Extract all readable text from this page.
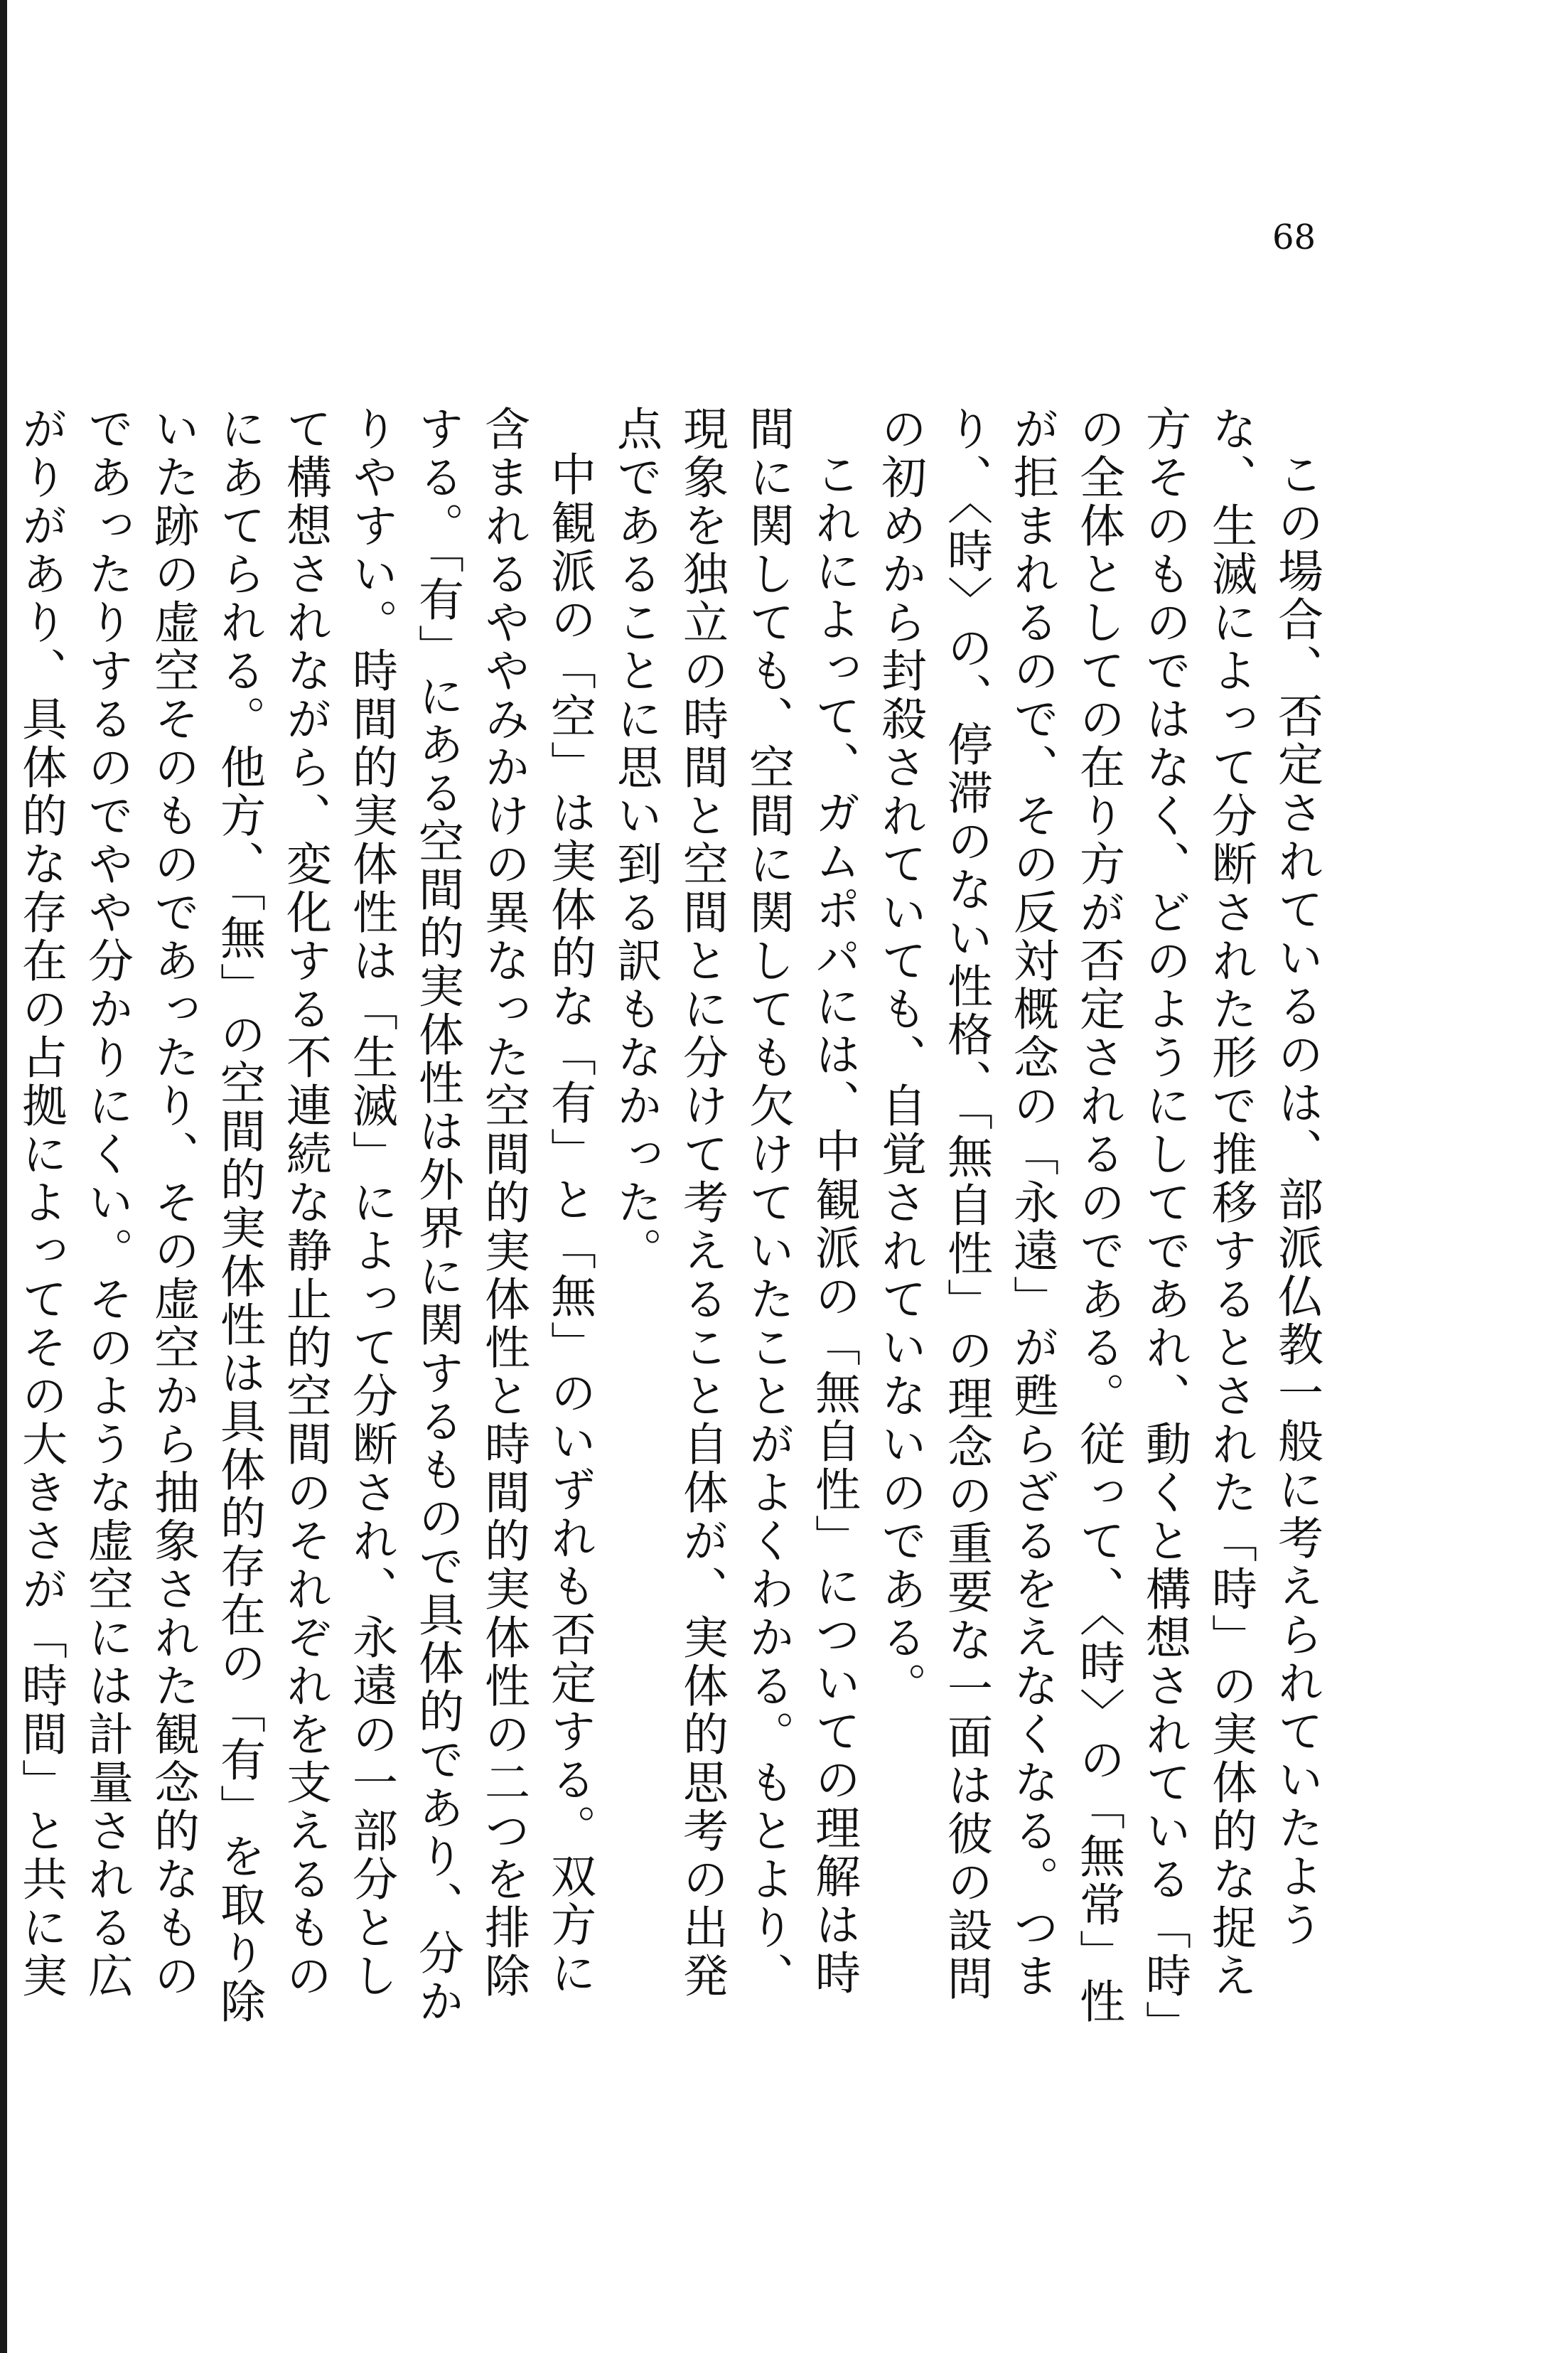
68

この場合、否定されているのは、部派仏教一般に考えられていたような、生滅によって分断された形で推移するとされた「時」の実体的な捉え方そのものではなく、どのようにしてであれ、動くと構想されている「時」の全体としての在り方が否定されるのである。従って、〈時〉の「無常」性が拒まれるので、その反対概念の「永遠」が甦らざるをえなくなる。つまり、〈時〉の、停滞のない性格、「無自性」の理念の重要な一面は彼の設問の初めから封殺されていても、自覚されていないのである。

これによって、ガムポパには、中観派の「無自性」についての理解は時間に関しても、空間に関しても欠けていたことがよくわかる。もとより、現象を独立の時間と空間とに分けて考えること自体が、実体的思考の出発点であることに思い到る訳もなかった。

中観派の「空」は実体的な「有」と「無」のいずれも否定する。双方に含まれるややみかけの異なった空間的実体性と時間的実体性の二つを排除する。「有」にある空間的実体性は外界に関するもので具体的であり、分かりやすい。時間的実体性は「生滅」によって分断され、永遠の一部分として構想されながら、変化する不連続な静止的空間のそれぞれを支えるものにあてられる。他方、「無」の空間的実体性は具体的存在の「有」を取り除いた跡の虚空そのものであったり、その虚空から抽象された観念的なものであったりするのでやや分かりにくい。そのような虚空には計量される広がりがあり、具体的な存在の占拠によってその大きさが「時間」と共に実
